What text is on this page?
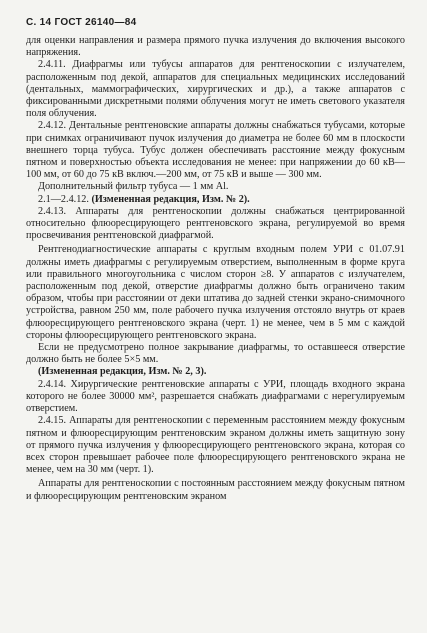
С. 14 ГОСТ 26140—84

для оценки направления и размера прямого пучка излучения до включения высокого напряжения.

2.4.11. Диафрагмы или тубусы аппаратов для рентгеноскопии с излучателем, расположенным под декой, аппаратов для специальных медицинских исследований (дентальных, маммографических, хирургических и др.), а также аппаратов с фиксированными дискретными полями облучения могут не иметь светового указателя поля облучения.

2.4.12. Дентальные рентгеновские аппараты должны снабжаться тубусами, которые при снимках ограничивают пучок излучения до диаметра не более 60 мм в плоскости внешнего торца тубуса. Тубус должен обеспечивать расстояние между фокусным пятном и поверхностью объекта исследования не менее: при напряжении до 60 кВ—100 мм, от 60 до 75 кВ включ.—200 мм, от 75 кВ и выше — 300 мм.

Дополнительный фильтр тубуса — 1 мм Al.

2.1—2.4.12. (Измененная редакция, Изм. № 2).

2.4.13. Аппараты для рентгеноскопии должны снабжаться центрированной относительно флюоресцирующего рентгеновского экрана, регулируемой во время просвечивания рентгеновской диафрагмой.

Рентгенодиагностические аппараты с круглым входным полем УРИ с 01.07.91 должны иметь диафрагмы с регулируемым отверстием, выполненным в форме круга или правильного многоугольника с числом сторон ≥8. У аппаратов с излучателем, расположенным под декой, отверстие диафрагмы должно быть ограничено таким образом, чтобы при расстоянии от деки штатива до задней стенки экрано-снимочного устройства, равном 250 мм, поле рабочего пучка излучения отстояло внутрь от краев флюоресцирующего рентгеновского экрана (черт. 1) не менее, чем в 5 мм с каждой стороны флюоресцирующего рентгеновского экрана.

Если не предусмотрено полное закрывание диафрагмы, то оставшееся отверстие должно быть не более 5×5 мм.

(Измененная редакция, Изм. № 2, 3).

2.4.14. Хирургические рентгеновские аппараты с УРИ, площадь входного экрана которого не более 30000 мм², разрешается снабжать диафрагмами с нерегулируемым отверстием.

2.4.15. Аппараты для рентгеноскопии с переменным расстоянием между фокусным пятном и флюоресцирующим рентгеновским экраном должны иметь защитную зону от прямого пучка излучения у флюоресцирующего рентгеновского экрана, которая со всех сторон превышает рабочее поле флюоресцирующего рентгеновского экрана не менее, чем на 30 мм (черт. 1).

Аппараты для рентгеноскопии с постоянным расстоянием между фокусным пятном и флюоресцирующим рентгеновским экраном
